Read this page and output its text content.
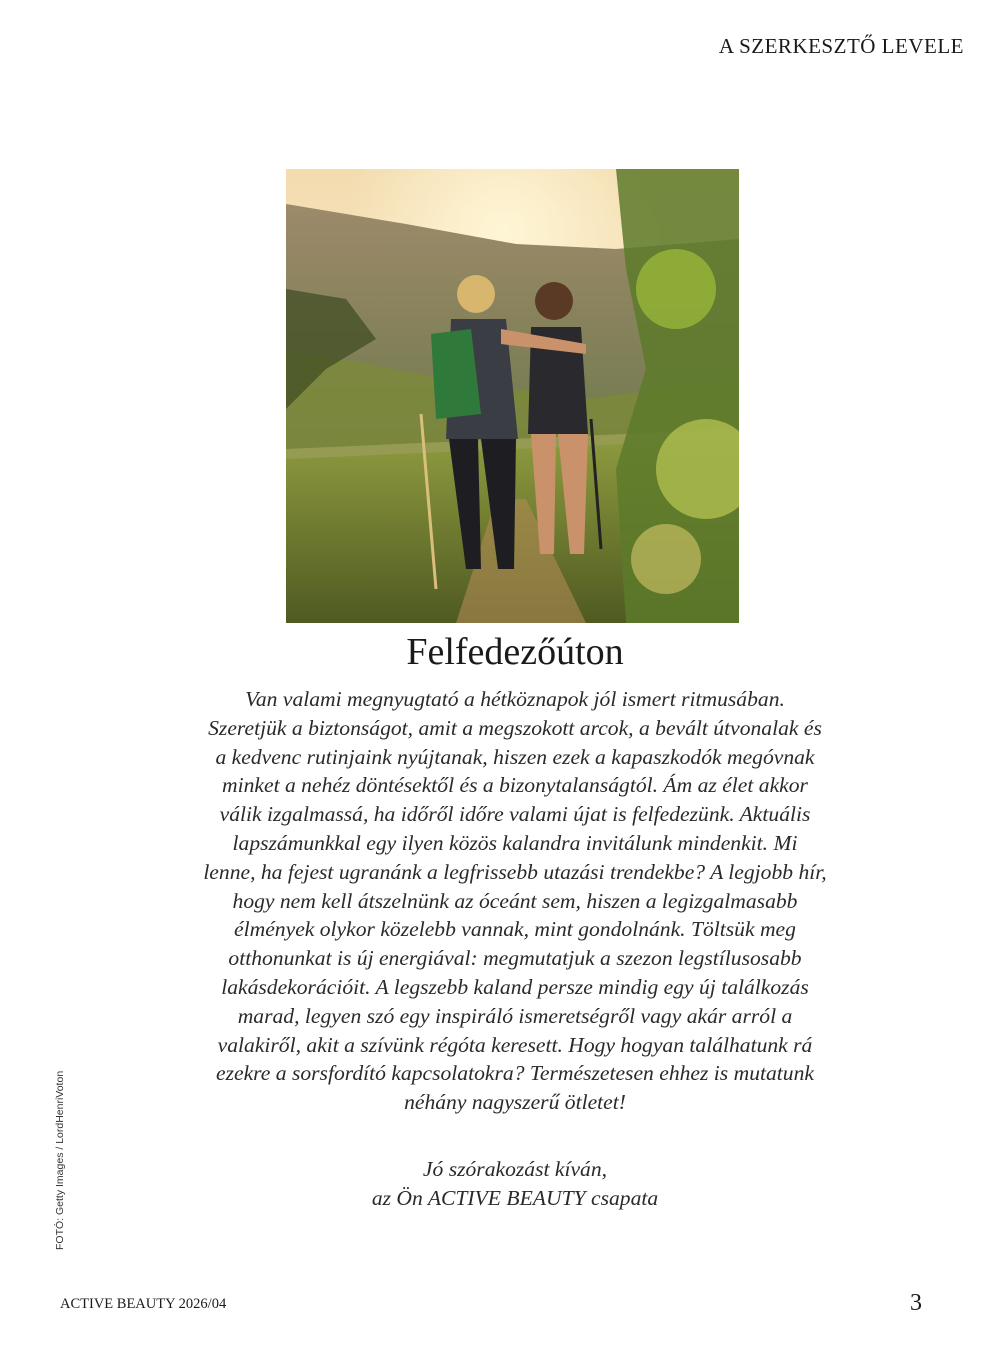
A SZERKESZTŐ LEVELE
Felfedezőúton

Van valami megnyugtató a hétköznapok jól ismert ritmusában.
Szeretjük a biztonságot, amit a megszokott arcok, a bevált útvonalak és
a kedvenc rutinjaink nyújtanak, hiszen ezek a kapaszkodók megóvnak
minket a nehéz döntésektől és a bizonytalanságtól. Ám az élet akkor
válik izgalmassá, ha időről időre valami újat is felfedezünk. Aktuális
lapszámunkkal egy ilyen közös kalandra invitálunk mindenkit. Mi
lenne, ha fejest ugranánk a legfrissebb utazási trendekbe? A legjobb hír,
hogy nem kell átszelnünk az óceánt sem, hiszen a legizgalmasabb
élmények olykor közelebb vannak, mint gondolnánk. Töltsük meg
otthonunkat is új energiával: megmutatjuk a szezon legstílusosabb
lakásdekorációit. A legszebb kaland persze mindig egy új találkozás
marad, legyen szó egy inspiráló ismeretségről vagy akár arról a
valakiről, akit a szívünk régóta keresett. Hogy hogyan találhatunk rá
ezekre a sorsfordító kapcsolatokra? Természetesen ehhez is mutatunk
néhány nagyszerű ötletet!

Jó szórakozást kíván,
az Ön ACTIVE BEAUTY csapata
FOTÓ: Getty Images / LordHenriVoton
ACTIVE BEAUTY 2026/04	3
